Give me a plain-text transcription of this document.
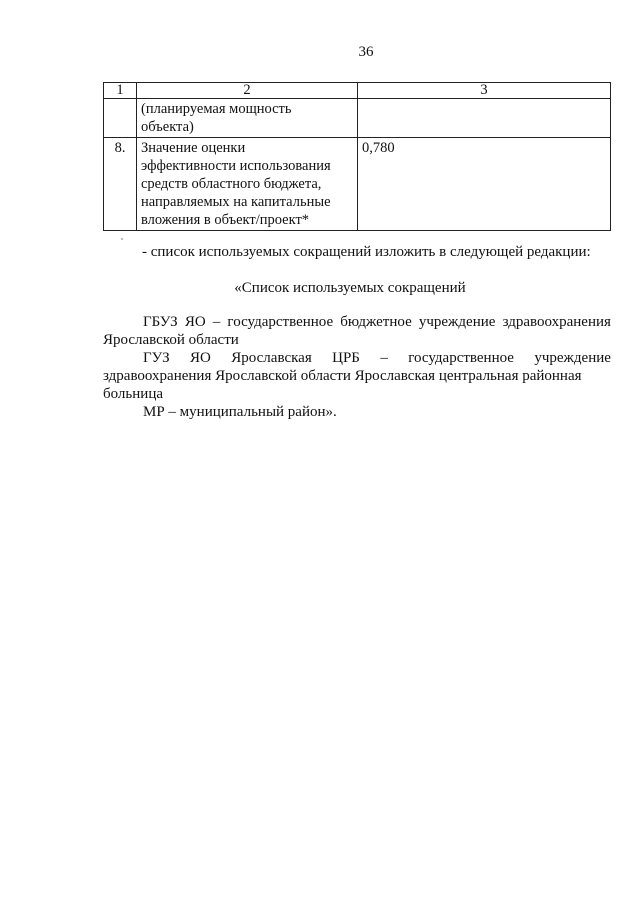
36
1	2	3

	(планируемая мощность
объекта)	

8.	Значение оценки
эффективности использования
средств областного бюджета,
направляемых на капитальные
вложения в объект/проект*	0,780
- список используемых сокращений изложить в следующей редакции:
«Список используемых сокращений
ГБУЗ ЯО – государственное бюджетное учреждение здравоохранения
Ярославской области
ГУЗ ЯО Ярославская ЦРБ – государственное учреждение
здравоохранения Ярославской области Ярославская центральная районная
больница
МР – муниципальный район».
